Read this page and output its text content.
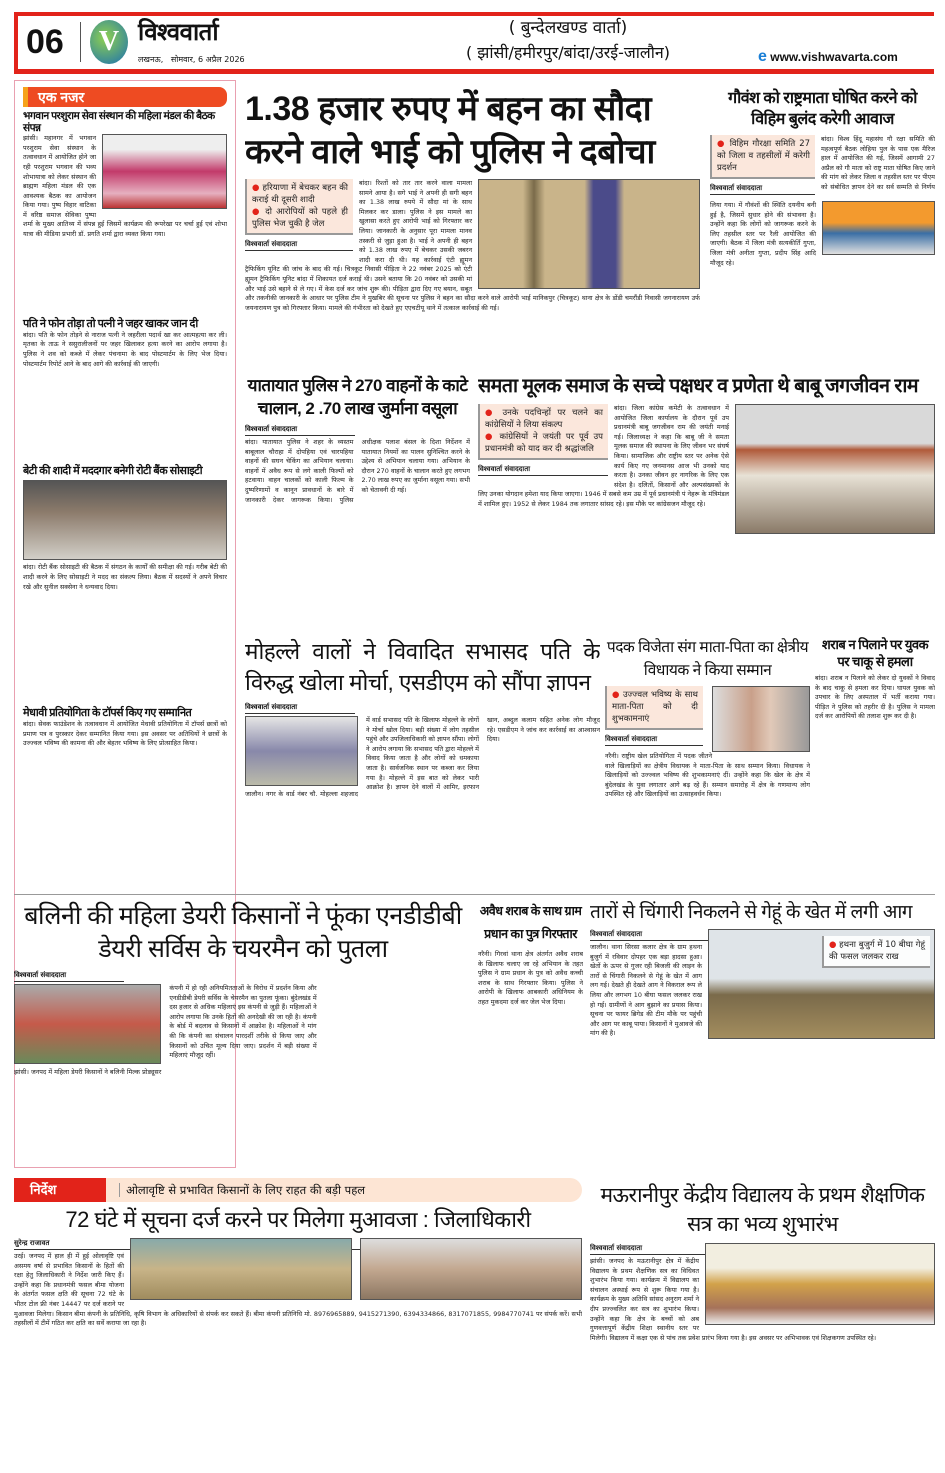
06	V विश्ववार्ता
लखनऊ,   सोमवार, 6 अप्रैल 2026
( बुन्देलखण्ड वार्ता)
( झांसी/हमीरपुर/बांदा/उरई-जालौन)	e www.vishwavarta.com
एक नजर
भगवान परशुराम सेवा संस्थान की महिला मंडल की बैठक संपन्न
झांसी। महानगर में भगवान परशुराम सेवा संस्थान के तत्वावधान में आयोजित होने जा रही परशुराम भगवान की भव्य शोभायात्रा को लेकर संस्थान की ब्राह्मण महिला मंडल की एक आवश्यक बैठक का आयोजन किया गया। पुष्प विहार वाटिका में वरिष्ठ समाज सेविका पुष्पा शर्मा के मुख्य आतिथ्य में संपन्न हुई जिसमें कार्यक्रम की रूपरेखा पर चर्चा हुई एवं शोभा यात्रा की मीडिया प्रभारी डॉ. प्रगति शर्मा द्वारा व्यक्त किया गया।
पति ने फोन तोड़ा तो पत्नी ने जहर खाकर जान दी
बांदा। पति के फोन तोड़ने से नाराज पत्नी ने जहरीला पदार्थ खा कर आत्महत्या कर ली। मृतका के ताऊ ने ससुरालीजनों पर जहर खिलाकर हत्या करने का आरोप लगाया है। पुलिस ने शव को कब्जे में लेकर पंचनामा के बाद पोस्टमार्टम के लिए भेज दिया। पोस्टमार्टम रिपोर्ट आने के बाद आगे की कार्रवाई की जाएगी।
बेटी की शादी में मददगार बनेगी रोटी बैंक सोसाइटी
बांदा। रोटी बैंक सोसाइटी की बैठक में संगठन के कार्यों की समीक्षा की गई। गरीब बेटी की शादी करने के लिए सोसाइटी ने मदद का संकल्प लिया। बैठक में सदस्यों ने अपने विचार रखे और सुनील सक्सेना ने धन्यवाद दिया।
मेधावी प्रतियोगिता के टॉपर्स किए गए सम्मानित
बांदा। सेवक फाउंडेशन के तत्वावधान में आयोजित मेधावी प्रतियोगिता में टॉपर्स छात्रों को प्रमाण पत्र व पुरस्कार देकर सम्मानित किया गया। इस अवसर पर अतिथियों ने छात्रों के उज्ज्वल भविष्य की कामना की और बेहतर भविष्य के लिए प्रोत्साहित किया।
1.38 हजार रुपए में बहन का सौदा करने वाले भाई को पुलिस ने दबोचा
● हरियाणा में बेचकर बहन की कराई थी दूसरी शादी
● दो आरोपियों को पहले ही पुलिस भेज चुकी है जेल
विश्ववार्ता संवाददाता
बांदा। रिश्तों को तार तार करने वाला मामला सामने आया है। सगे भाई ने अपनी ही सगी बहन का 1.38 लाख रुपये में सौदा मां के साथ मिलकर कर डाला। पुलिस ने इस मामले का खुलासा करते हुए आरोपी भाई को गिरफ्तार कर लिया। जानकारी के अनुसार पूरा मामला मानव तस्करी से जुड़ा हुआ है। भाई ने अपनी ही बहन को 1.38 लाख रुपए में बेचकर उसकी जबरन शादी करा दी थी। यह कार्रवाई एंटी ह्यूमन ट्रैफिकिंग यूनिट की जांच के बाद की गई। चित्रकूट निवासी पीड़िता ने 22 नवंबर 2025 को एंटी ह्यूमन ट्रैफिकिंग यूनिट बांदा में शिकायत दर्ज कराई थी। उसने बताया कि 20 नवंबर को उसकी मां और भाई उसे बहाने से ले गए। में केस दर्ज कर जांच शुरू की। पीड़िता द्वारा दिए गए बयान, सबूत और तकनीकी जानकारी के आधार पर पुलिस टीम ने मुखबिर की सूचना पर पुलिस ने बहन का सौदा करने वाले आरोपी भाई मानिकपुर (चित्रकूट) थाना क्षेत्र के डोंडी चमरौंडी निवासी जगनारायण उर्फ जयनारायण पुत्र को गिरफ्तार किया। मामले की गंभीरता को देखते हुए एएचटीयू थाने में तत्काल कार्रवाई की गई।
गौवंश को राष्ट्रमाता घोषित करने को विहिम बुलंद करेगी आवाज
● विहिम गौरक्षा समिति 27 को जिला व तहसीलों में करेगी प्रदर्शन
विश्ववार्ता संवाददाता
बांदा। विश्व हिंदू महासंघ गौ रक्षा समिति की महत्वपूर्ण बैठक लोहिया पुल के पास एक मैरिज हाल में आयोजित की गई, जिसमें आगामी 27 अप्रैल को गौ माता को राष्ट्र माता घोषित किए जाने की मांग को लेकर जिला व तहसील स्तर पर पीएम को संबोधित ज्ञापन देने का सर्व सम्मति से निर्णय लिया गया। में गौवंशों की स्थिति दयनीय बनी हुई है, जिसमें सुधार होने की संभावना है। उन्होंने कहा कि लोगों को जागरूक करने के लिए तहसील स्तर पर रैली आयोजित की जाएगी। बैठक में जिला मंत्री सत्यकीर्ति गुप्ता, जिला मंत्री अनीता गुप्ता, प्रदीप सिंह आदि मौजूद रहे।
यातायात पुलिस ने 270 वाहनों के काटे चालान, 2 .70 लाख जुर्माना वसूला
विश्ववार्ता संवाददाता
बांदा। यातायात पुलिस ने शहर के व्यस्तम बाबूलाल चौराहा में दोपहिया एवं चारपहिया वाहनों की सघन चेकिंग का अभियान चलाया। वाहनों में अवैध रूप से लगे काली फिल्मों को हटवाया। वाहन चालकों को काली फिल्म के दुष्परिणामों व कानून प्रावधानों के बारे में जानकारी देकर जागरूक किया। पुलिस अधीक्षक पलाश बंसल के दिशा निर्देशन में यातायात नियमों का पालन सुनिश्चित करने के उद्देश्य से अभियान चलाया गया। अभियान के दौरान 270 वाहनों के चालान करते हुए लगभग 2.70 लाख रुपए का जुर्माना वसूला गया। सभी को चेतावनी दी गई।
समता मूलक समाज के सच्चे पक्षधर व प्रणेता थे बाबू जगजीवन राम
● उनके पदचिन्हों पर चलने का कांग्रेसियों ने लिया संकल्प
● कांग्रेसियों ने जयंती पर पूर्व उप प्रधानमंत्री को याद कर दी श्रद्धांजलि
विश्ववार्ता संवाददाता
बांदा। जिला कांग्रेस कमेटी के तत्वावधान में आयोजित जिला कार्यालय के दौरान पूर्व उप प्रधानमंत्री बाबू जगजीवन राम की जयंती मनाई गई। जिलाध्यक्ष ने कहा कि बाबू जी ने समता मूलक समाज की स्थापना के लिए जीवन भर संघर्ष किया। सामाजिक और राष्ट्रीय स्तर पर अनेक ऐसे कार्य किए गए जनमानस आज भी उनको याद करता है। उनका जीवन हर नागरिक के लिए एक संदेश है। दलितों, किसानों और अल्पसंख्यकों के लिए उनका योगदान हमेशा याद किया जाएगा। 1946 में सबसे कम उम्र में पूर्व प्रधानमंत्री पं नेहरू के मंत्रिमंडल में शामिल हुए। 1952 से लेकर 1984 तक लगातार सांसद रहे। इस मौके पर कांग्रेसजन मौजूद रहे।
मोहल्ले वालों ने विवादित सभासद पति के विरुद्ध खोला मोर्चा, एसडीएम को सौंपा ज्ञापन
विश्ववार्ता संवाददाता
जालौन। नगर के वार्ड नंबर चौ. मोहल्ला शहजाद में वार्ड सभासद पति के खिलाफ मोहल्ले के लोगों ने मोर्चा खोल दिया। बड़ी संख्या में लोग तहसील पहुंचे और उपजिलाधिकारी को ज्ञापन सौंपा। लोगों ने आरोप लगाया कि सभासद पति द्वारा मोहल्ले में विवाद किया जाता है और लोगों को धमकाया जाता है। सार्वजनिक स्थान पर कब्जा कर लिया गया है। मोहल्ले में इस बात को लेकर भारी आक्रोश है। ज्ञापन देने वालों में आमिर, इरफान खान, अब्दुल कलाम सहित अनेक लोग मौजूद रहे। एसडीएम ने जांच कर कार्रवाई का आश्वासन दिया।
पदक विजेता संग माता-पिता का क्षेत्रीय विधायक ने किया सम्मान
● उज्ज्वल भविष्य के साथ माता-पिता को दी शुभकामनाएं
विश्ववार्ता संवाददाता
नरैनी। राष्ट्रीय खेल प्रतियोगिता में पदक जीतने वाले खिलाड़ियों का क्षेत्रीय विधायक ने माता-पिता के साथ सम्मान किया। विधायक ने खिलाड़ियों को उज्ज्वल भविष्य की शुभकामनाएं दीं। उन्होंने कहा कि खेल के क्षेत्र में बुंदेलखंड के युवा लगातार आगे बढ़ रहे हैं। सम्मान समारोह में क्षेत्र के गणमान्य लोग उपस्थित रहे और खिलाड़ियों का उत्साहवर्धन किया।
शराब न पिलाने पर युवक पर चाकू से हमला
बांदा। शराब न पिलाने को लेकर दो युवकों ने विवाद के बाद चाकू से हमला कर दिया। घायल युवक को उपचार के लिए अस्पताल में भर्ती कराया गया। पीड़ित ने पुलिस को तहरीर दी है। पुलिस ने मामला दर्ज कर आरोपियों की तलाश शुरू कर दी है।
बलिनी की महिला डेयरी किसानों ने फूंका एनडीडीबी डेयरी सर्विस के चयरमैन को पुतला
विश्ववार्ता संवाददाता
झांसी। जनपद में महिला डेयरी किसानों ने बलिनी मिल्क प्रोड्यूसर कंपनी में हो रही अनियमितताओं के विरोध में प्रदर्शन किया और एनडीडीबी डेयरी सर्विस के चेयरमैन का पुतला फूंका। बुंदेलखंड में दस हजार से अधिक महिलाएं इस कंपनी से जुड़ी हैं। महिलाओं ने आरोप लगाया कि उनके हितों की अनदेखी की जा रही है। कंपनी के बोर्ड में बदलाव से किसानों में आक्रोश है। महिलाओं ने मांग की कि कंपनी का संचालन पारदर्शी तरीके से किया जाए और किसानों को उचित मूल्य दिया जाए। प्रदर्शन में बड़ी संख्या में महिलाएं मौजूद रहीं।
अवैध शराब के साथ ग्राम प्रधान का पुत्र गिरफ्तार
नरैनी। गिरवां थाना क्षेत्र अंतर्गत अवैध शराब के खिलाफ चलाए जा रहे अभियान के तहत पुलिस ने ग्राम प्रधान के पुत्र को अवैध कच्ची शराब के साथ गिरफ्तार किया। पुलिस ने आरोपी के खिलाफ आबकारी अधिनियम के तहत मुकदमा दर्ज कर जेल भेज दिया।
तारों से चिंगारी निकलने से गेहूं के खेत में लगी आग
● हथना बुजुर्ग में 10 बीघा गेहूं की फसल जलकर राख
विश्ववार्ता संवाददाता
जालौन। थाना सिरसा कलार क्षेत्र के ग्राम हथना बुजुर्ग में रविवार दोपहर एक बड़ा हादसा हुआ। खेतों के ऊपर से गुजर रही बिजली की लाइन के तारों से चिंगारी निकलने से गेहूं के खेत में आग लग गई। देखते ही देखते आग ने विकराल रूप ले लिया और लगभग 10 बीघा फसल जलकर राख हो गई। ग्रामीणों ने आग बुझाने का प्रयास किया। सूचना पर फायर ब्रिगेड की टीम मौके पर पहुंची और आग पर काबू पाया। किसानों ने मुआवजे की मांग की है।
निर्देश	ओलावृष्टि से प्रभावित किसानों के लिए राहत की बड़ी पहल
72 घंटे में सूचना दर्ज करने पर मिलेगा मुआवजा : जिलाधिकारी
सुरेन्द्र राजावत
उरई। जनपद में हाल ही में हुई ओलावृष्टि एवं असमय वर्षा से प्रभावित किसानों के हितों की रक्षा हेतु जिलाधिकारी ने निर्देश जारी किए हैं। उन्होंने कहा कि प्रधानमंत्री फसल बीमा योजना के अंतर्गत फसल क्षति की सूचना 72 घंटे के भीतर टोल फ्री नंबर 14447 पर दर्ज कराने पर मुआवजा मिलेगा। किसान बीमा कंपनी के प्रतिनिधि, कृषि विभाग के अधिकारियों से संपर्क कर सकते हैं। बीमा कंपनी प्रतिनिधि मो. 8976965889, 9415271390, 6394334866, 8317071855, 9984770741 पर संपर्क करें। सभी तहसीलों में टीमें गठित कर क्षति का सर्वे कराया जा रहा है।
मऊरानीपुर केंद्रीय विद्यालय के प्रथम शैक्षणिक सत्र का भव्य शुभारंभ
विश्ववार्ता संवाददाता
झांसी। जनपद के मऊरानीपुर क्षेत्र में केंद्रीय विद्यालय के प्रथम शैक्षणिक सत्र का विधिवत शुभारंभ किया गया। कार्यक्रम में विद्यालय का संचालन अस्थाई रूप से शुरू किया गया है। कार्यक्रम के मुख्य अतिथि सांसद अनुराग शर्मा ने दीप प्रज्ज्वलित कर सत्र का शुभारंभ किया। उन्होंने कहा कि क्षेत्र के बच्चों को अब गुणवत्तापूर्ण केंद्रीय शिक्षा स्थानीय स्तर पर मिलेगी। विद्यालय में कक्षा एक से पांच तक प्रवेश प्रारंभ किया गया है। इस अवसर पर अभिभावक एवं शिक्षकगण उपस्थित रहे।
